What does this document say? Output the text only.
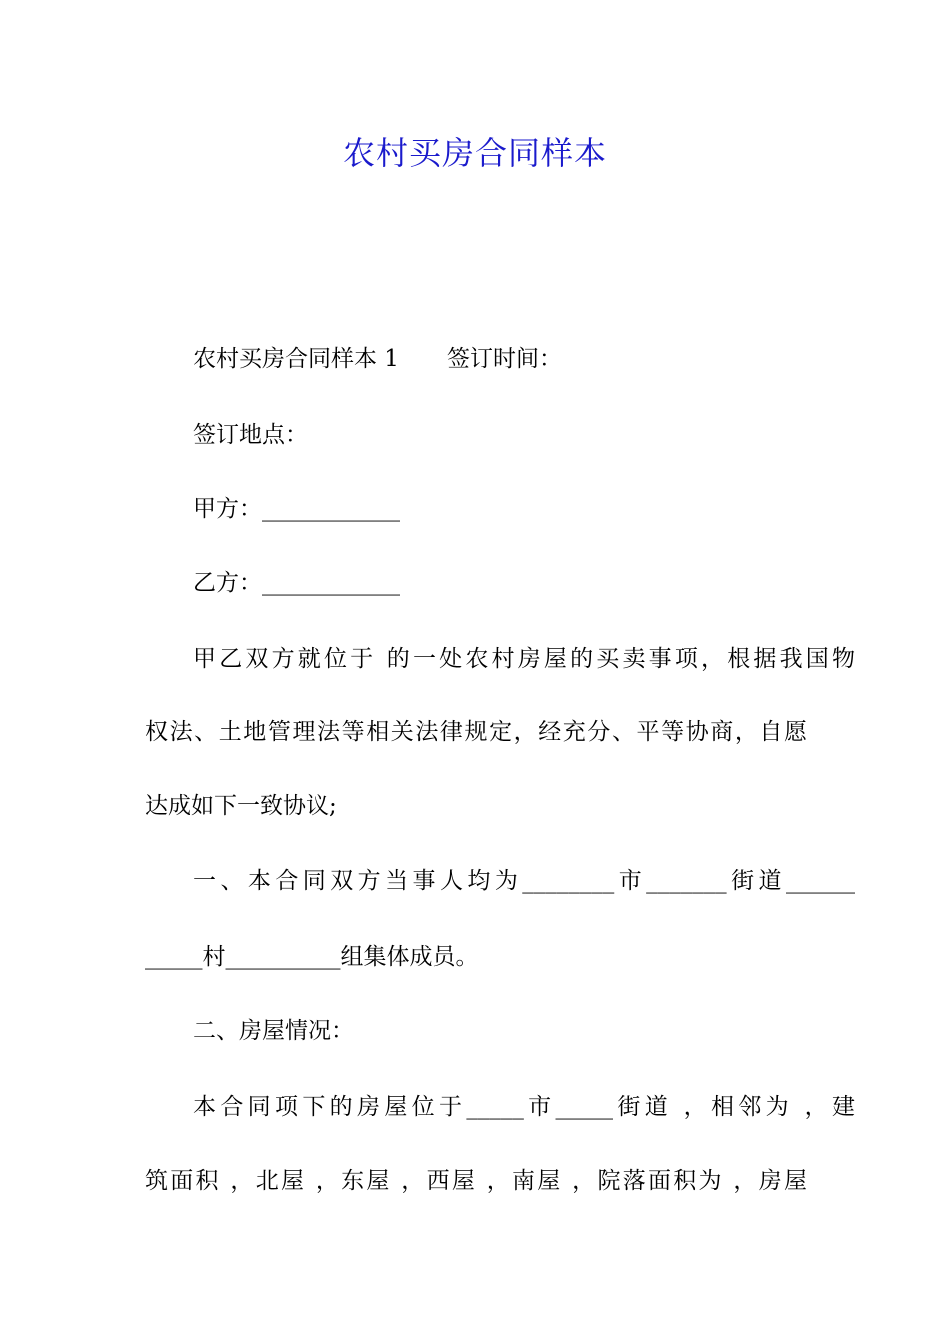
农村买房合同样本
农村买房合同样本 1 签订时间：
签订地点：
甲方：____________
乙方：____________
甲乙双方就位于 的一处农村房屋的买卖事项，根据我国物
权法、土地管理法等相关法律规定，经充分、平等协商，自愿
达成如下一致协议;
一、本合同双方当事人均为________市_______街道______
_____村__________组集体成员。
二、房屋情况：
本合同项下的房屋位于_____市_____街道 ，相邻为 ，建
筑面积 ，北屋 ，东屋 ，西屋 ，南屋 ，院落面积为 ，房屋
